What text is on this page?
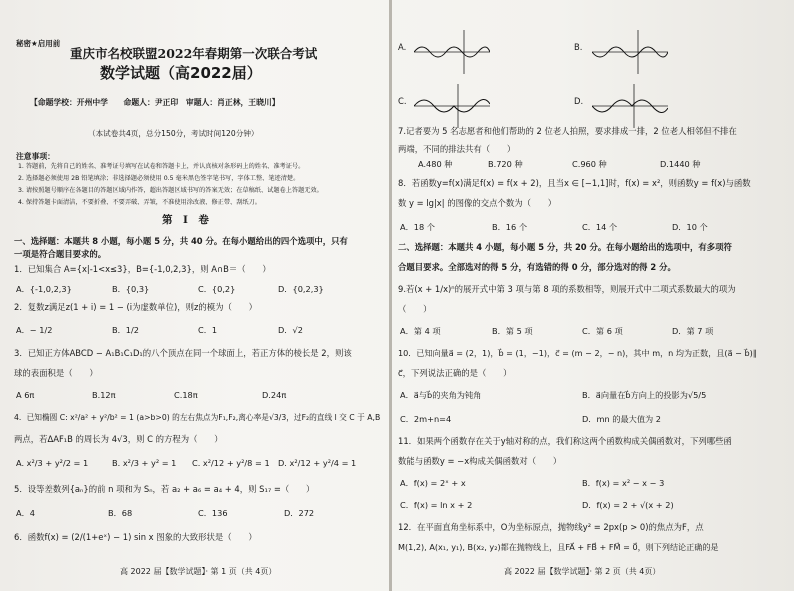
秘密★启用前
重庆市名校联盟2022年春期第一次联合考试
数学试题（高2022届）
【命题学校：开州中学　　命题人：尹正印　审题人：肖正林，王晓川】
（本试卷共4页，总分150分，考试时间120分钟）
注意事项：
1. 答题前，先将自己的姓名、准考证号填写在试卷和答题卡上，并认真核对条形码上的姓名、准考证号。
2. 选择题必须使用 2B 铅笔填涂；非选择题必须使用 0.5 毫米黑色签字笔书写，字体工整、笔迹清楚。
3. 请按照题号顺序在各题目的答题区域内作答，超出答题区域书写的答案无效；在草稿纸、试题卷上答题无效。
4. 保持答题卡面清洁，不要折叠、不要弄破、弄皱，不准使用涂改液、修正带、刮纸刀。
第　Ⅰ　卷
一、选择题：本题共 8 小题，每小题 5 分，共 40 分。在每小题给出的四个选项中，只有
一项是符合题目要求的。
1．已知集合 A={x|-1<x≤3}，B={-1,0,2,3}，则 A∩B＝（　　）
A．{-1,0,2,3}	B．{0,3}	C．{0,2}	D．{0,2,3}
2．复数z满足z(1 + i) = 1 − (i为虚数单位)，则z的模为（　　）
A．− 1/2	B．1/2	C．1	D．√2
3．已知正方体ABCD − A₁B₁C₁D₁的八个顶点在同一个球面上，若正方体的棱长是 2，则该
球的表面积是（　　）
A 6π	B.12π	C.18π	D.24π
4．已知椭圆 C: x²/a² + y²/b² = 1 (a>b>0) 的左右焦点为F₁,F₂,离心率是√3/3，过F₂的直线 l 交 C 于 A,B
两点，若ΔAF₁B 的周长为 4√3，则 C 的方程为（　　）
A. x²/3 + y²/2 = 1	B. x²/3 + y² = 1 C. x²/12 + y²/8 = 1 D. x²/12 + y²/4 = 1
5．设等差数列{aₙ}的前 n 项和为 Sₙ，若 a₂ + a₆ = a₄ + 4，则 S₁₇ =（　　）
A．4	B．68	C．136	D．272
6．函数f(x) = (2/(1+eˣ) − 1) sin x 图象的大致形状是（　　）
高 2022 届【数学试题】· 第 1 页（共 4页）
A.	B.
C.	D.
7.记者要为 5 名志愿者和他们帮助的 2 位老人拍照，要求排成一排，2 位老人相邻但不排在
两端，不同的排法共有（　　）
A.480 种	B.720 种	C.960 种	D.1440 种
8．若函数y=f(x)满足f(x) = f(x + 2)，且当x ∈ [−1,1]时，f(x) = x²，则函数y = f(x)与函数
数 y = lg|x| 的图像的交点个数为（　　）
A．18 个	B．16 个	C．14 个	D．10 个
二、选择题：本题共 4 小题，每小题 5 分，共 20 分。在每小题给出的选项中，有多项符
合题目要求。全部选对的得 5 分，有选错的得 0 分，部分选对的得 2 分。
9.若(x + 1/x)ⁿ的展开式中第 3 项与第 8 项的系数相等，则展开式中二项式系数最大的项为
（　　）
A．第 4 项	B．第 5 项	C．第 6 项	D．第 7 项
10．已知向量a⃗ = (2，1)，b⃗ = (1，−1)，c⃗ = (m − 2，− n)，其中 m，n 均为正数，且(a⃗ − b⃗)∥
c⃗，下列说法正确的是（　　）
A．a⃗与b⃗的夹角为钝角	B．a⃗向量在b⃗方向上的投影为√5/5
C．2m+n=4	D．mn 的最大值为 2
11．如果两个函数存在关于y轴对称的点，我们称这两个函数构成关偶函数对，下列哪些函
数能与函数y = −x构成关偶函数对（　　）
A．f(x) = 2ˣ + x	B．f(x) = x² − x − 3
C．f(x) = ln x + 2	D．f(x) = 2 + √(x + 2)
12．在平面直角坐标系中，O为坐标原点，抛物线y² = 2px(p > 0)的焦点为F，点
M(1,2), A(x₁, y₁), B(x₂, y₂)都在抛物线上，且FA⃗ + FB⃗ + FM⃗ = 0⃗，则下列结论正确的是
高 2022 届【数学试题】· 第 2 页（共 4页）
